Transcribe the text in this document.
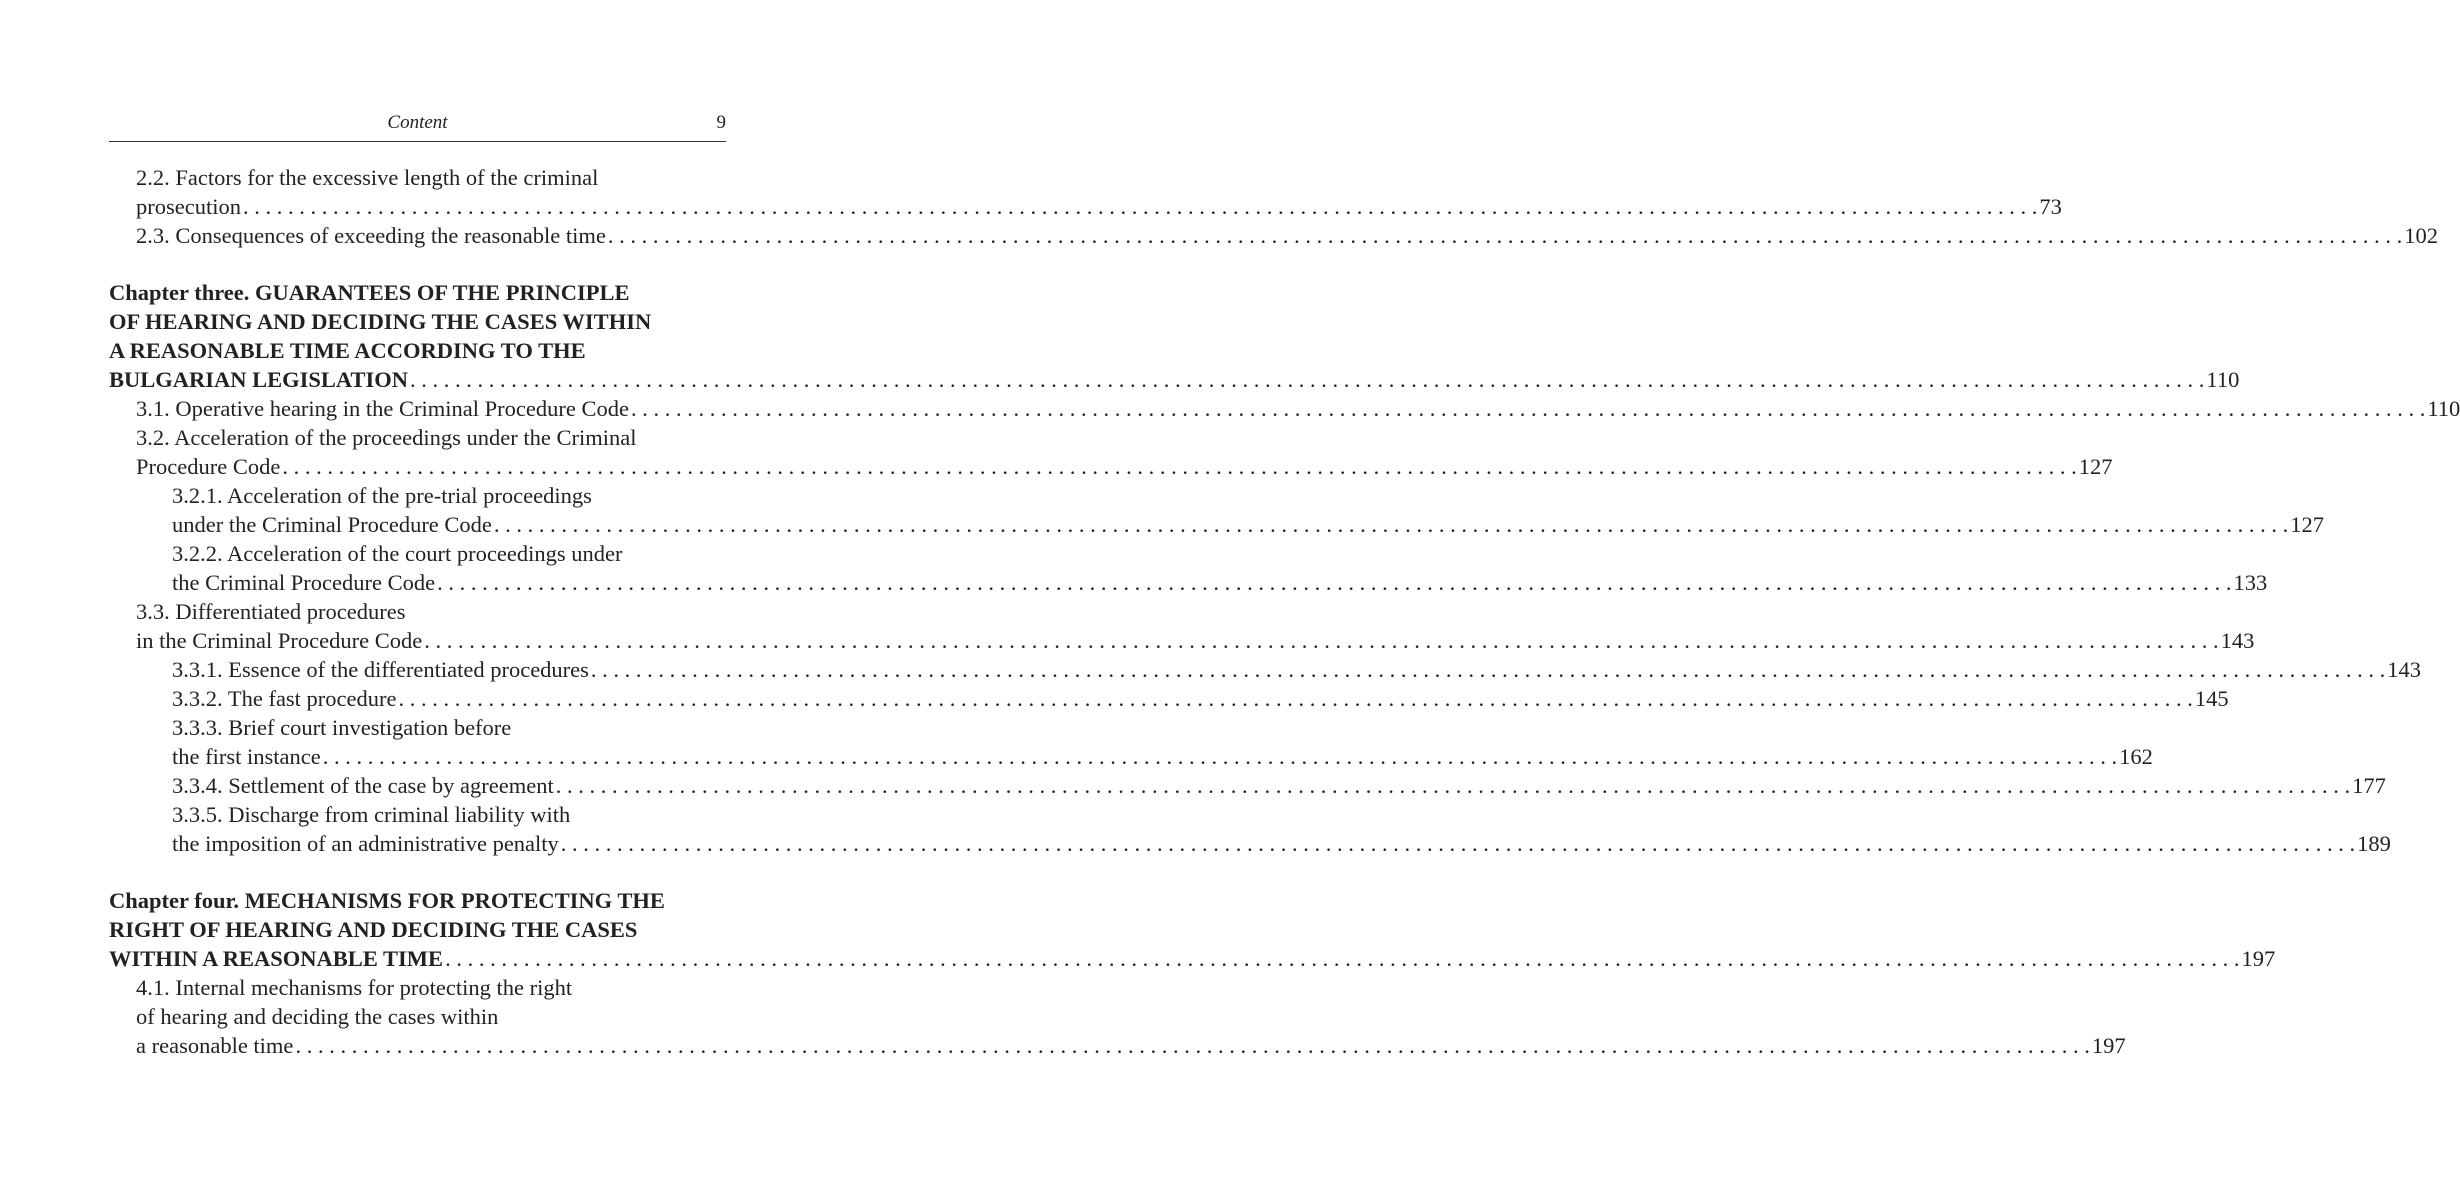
Content	9
2.2. Factors for the excessive length of the criminal
prosecution . . . . . . . . . . . . . . . . . . . . . . . . . . . . . . . . . . . . . . . . . . . . . . . . . . . . . . . . . . . . . . . . . . . . . . . . . . . . . . . . . . . . . . . . . . . . . . . . . . . . . . . . . . . . . . . . . . . . . . . . . . . . . . . . . . . . . . . . . . . . . . . . . . . . . . . . . . . . . . . . 73
2.3. Consequences of exceeding the reasonable time . . . . . . . . . . . . . . . . . . . . . . . . . . . . . . . . . . . . . . . . . . . . . . . . . . . . . . . . . . . . . . . . . . . . . . . . . . . . . . . . . . . . . . . . . . . . . . . . . . . . . . . . . . . . . . . . . . . . . . . . . . . . . . . . . . . . . . . . . . . . . . . . . . . . . . . . . . . . . . . . 102
Chapter three. GUARANTEES OF THE PRINCIPLE
OF HEARING AND DECIDING THE CASES WITHIN
A REASONABLE TIME ACCORDING TO THE
BULGARIAN LEGISLATION . . . . . . . . . . . . . . . . . . . . . . . . . . . . . . . . . . . . . . . . . . . . . . . . . . . . . . . . . . . . . . . . . . . . . . . . . . . . . . . . . . . . . . . . . . . . . . . . . . . . . . . . . . . . . . . . . . . . . . . . . . . . . . . . . . . . . . . . . . . . . . . . . . . . . . . . . . . . . . . . 110
3.1. Operative hearing in the Criminal Procedure Code . . . . . . . . . . . . . . . . . . . . . . . . . . . . . . . . . . . . . . . . . . . . . . . . . . . . . . . . . . . . . . . . . . . . . . . . . . . . . . . . . . . . . . . . . . . . . . . . . . . . . . . . . . . . . . . . . . . . . . . . . . . . . . . . . . . . . . . . . . . . . . . . . . . . . . . . . . . . . . . . 110
3.2. Acceleration of the proceedings under the Criminal
Procedure Code . . . . . . . . . . . . . . . . . . . . . . . . . . . . . . . . . . . . . . . . . . . . . . . . . . . . . . . . . . . . . . . . . . . . . . . . . . . . . . . . . . . . . . . . . . . . . . . . . . . . . . . . . . . . . . . . . . . . . . . . . . . . . . . . . . . . . . . . . . . . . . . . . . . . . . . . . . . . . . . . 127
3.2.1. Acceleration of the pre-trial proceedings
under the Criminal Procedure Code . . . . . . . . . . . . . . . . . . . . . . . . . . . . . . . . . . . . . . . . . . . . . . . . . . . . . . . . . . . . . . . . . . . . . . . . . . . . . . . . . . . . . . . . . . . . . . . . . . . . . . . . . . . . . . . . . . . . . . . . . . . . . . . . . . . . . . . . . . . . . . . . . . . . . . . . . . . . . . . . 127
3.2.2. Acceleration of the court proceedings under
the Criminal Procedure Code . . . . . . . . . . . . . . . . . . . . . . . . . . . . . . . . . . . . . . . . . . . . . . . . . . . . . . . . . . . . . . . . . . . . . . . . . . . . . . . . . . . . . . . . . . . . . . . . . . . . . . . . . . . . . . . . . . . . . . . . . . . . . . . . . . . . . . . . . . . . . . . . . . . . . . . . . . . . . . . . 133
3.3. Differentiated procedures
in the Criminal Procedure Code . . . . . . . . . . . . . . . . . . . . . . . . . . . . . . . . . . . . . . . . . . . . . . . . . . . . . . . . . . . . . . . . . . . . . . . . . . . . . . . . . . . . . . . . . . . . . . . . . . . . . . . . . . . . . . . . . . . . . . . . . . . . . . . . . . . . . . . . . . . . . . . . . . . . . . . . . . . . . . . . 143
3.3.1. Essence of the differentiated procedures . . . . . . . . . . . . . . . . . . . . . . . . . . . . . . . . . . . . . . . . . . . . . . . . . . . . . . . . . . . . . . . . . . . . . . . . . . . . . . . . . . . . . . . . . . . . . . . . . . . . . . . . . . . . . . . . . . . . . . . . . . . . . . . . . . . . . . . . . . . . . . . . . . . . . . . . . . . . . . . . 143
3.3.2. The fast procedure . . . . . . . . . . . . . . . . . . . . . . . . . . . . . . . . . . . . . . . . . . . . . . . . . . . . . . . . . . . . . . . . . . . . . . . . . . . . . . . . . . . . . . . . . . . . . . . . . . . . . . . . . . . . . . . . . . . . . . . . . . . . . . . . . . . . . . . . . . . . . . . . . . . . . . . . . . . . . . . . 145
3.3.3. Brief court investigation before
the first instance . . . . . . . . . . . . . . . . . . . . . . . . . . . . . . . . . . . . . . . . . . . . . . . . . . . . . . . . . . . . . . . . . . . . . . . . . . . . . . . . . . . . . . . . . . . . . . . . . . . . . . . . . . . . . . . . . . . . . . . . . . . . . . . . . . . . . . . . . . . . . . . . . . . . . . . . . . . . . . . . 162
3.3.4. Settlement of the case by agreement . . . . . . . . . . . . . . . . . . . . . . . . . . . . . . . . . . . . . . . . . . . . . . . . . . . . . . . . . . . . . . . . . . . . . . . . . . . . . . . . . . . . . . . . . . . . . . . . . . . . . . . . . . . . . . . . . . . . . . . . . . . . . . . . . . . . . . . . . . . . . . . . . . . . . . . . . . . . . . . . 177
3.3.5. Discharge from criminal liability with
the imposition of an administrative penalty . . . . . . . . . . . . . . . . . . . . . . . . . . . . . . . . . . . . . . . . . . . . . . . . . . . . . . . . . . . . . . . . . . . . . . . . . . . . . . . . . . . . . . . . . . . . . . . . . . . . . . . . . . . . . . . . . . . . . . . . . . . . . . . . . . . . . . . . . . . . . . . . . . . . . . . . . . . . . . . . 189
Chapter four. MECHANISMS FOR PROTECTING THE
RIGHT OF HEARING AND DECIDING THE CASES
WITHIN A REASONABLE TIME . . . . . . . . . . . . . . . . . . . . . . . . . . . . . . . . . . . . . . . . . . . . . . . . . . . . . . . . . . . . . . . . . . . . . . . . . . . . . . . . . . . . . . . . . . . . . . . . . . . . . . . . . . . . . . . . . . . . . . . . . . . . . . . . . . . . . . . . . . . . . . . . . . . . . . . . . . . . . . . . 197
4.1. Internal mechanisms for protecting the right
of hearing and deciding the cases within
a reasonable time . . . . . . . . . . . . . . . . . . . . . . . . . . . . . . . . . . . . . . . . . . . . . . . . . . . . . . . . . . . . . . . . . . . . . . . . . . . . . . . . . . . . . . . . . . . . . . . . . . . . . . . . . . . . . . . . . . . . . . . . . . . . . . . . . . . . . . . . . . . . . . . . . . . . . . . . . . . . . . . . 197
